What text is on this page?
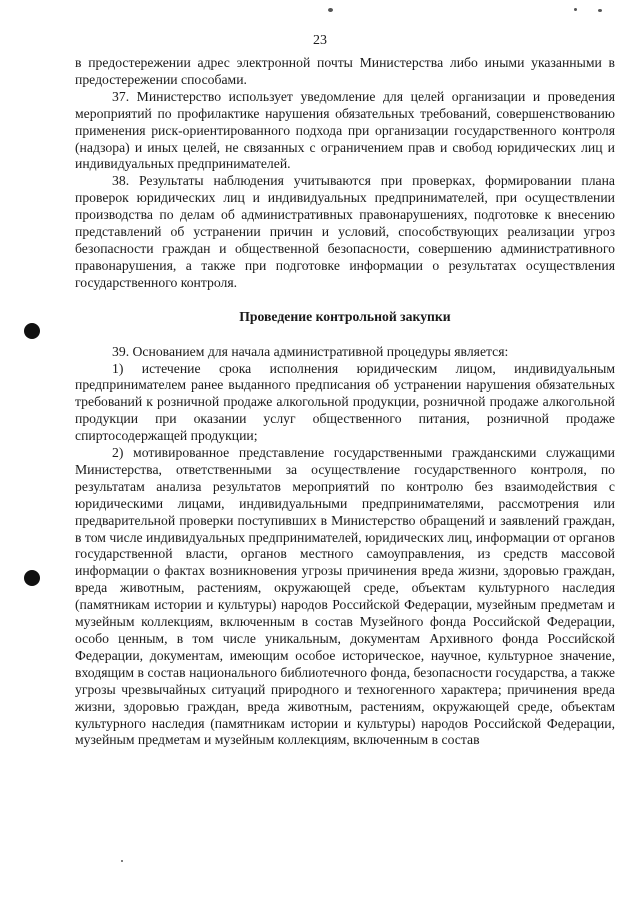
23

в предостережении адрес электронной почты Министерства либо иными указанными в предостережении способами.

37. Министерство использует уведомление для целей организации и проведения мероприятий по профилактике нарушения обязательных требований, совершенствованию применения риск-ориентированного подхода при организации государственного контроля (надзора) и иных целей, не связанных с ограничением прав и свобод юридических лиц и индивидуальных предпринимателей.

38. Результаты наблюдения учитываются при проверках, формировании плана проверок юридических лиц и индивидуальных предпринимателей, при осуществлении производства по делам об административных правонарушениях, подготовке к внесению представлений об устранении причин и условий, способствующих реализации угроз безопасности граждан и общественной безопасности, совершению административного правонарушения, а также при подготовке информации о результатах осуществления государственного контроля.

Проведение контрольной закупки

39. Основанием для начала административной процедуры является:

1) истечение срока исполнения юридическим лицом, индивидуальным предпринимателем ранее выданного предписания об устранении нарушения обязательных требований к розничной продаже алкогольной продукции, розничной продаже алкогольной продукции при оказании услуг общественного питания, розничной продаже спиртосодержащей продукции;

2) мотивированное представление государственными гражданскими служащими Министерства, ответственными за осуществление государственного контроля, по результатам анализа результатов мероприятий по контролю без взаимодействия с юридическими лицами, индивидуальными предпринимателями, рассмотрения или предварительной проверки поступивших в Министерство обращений и заявлений граждан, в том числе индивидуальных предпринимателей, юридических лиц, информации от органов государственной власти, органов местного самоуправления, из средств массовой информации о фактах возникновения угрозы причинения вреда жизни, здоровью граждан, вреда животным, растениям, окружающей среде, объектам культурного наследия (памятникам истории и культуры) народов Российской Федерации, музейным предметам и музейным коллекциям, включенным в состав Музейного фонда Российской Федерации, особо ценным, в том числе уникальным, документам Архивного фонда Российской Федерации, документам, имеющим особое историческое, научное, культурное значение, входящим в состав национального библиотечного фонда, безопасности государства, а также угрозы чрезвычайных ситуаций природного и техногенного характера; причинения вреда жизни, здоровью граждан, вреда животным, растениям, окружающей среде, объектам культурного наследия (памятникам истории и культуры) народов Российской Федерации, музейным предметам и музейным коллекциям, включенным в состав
